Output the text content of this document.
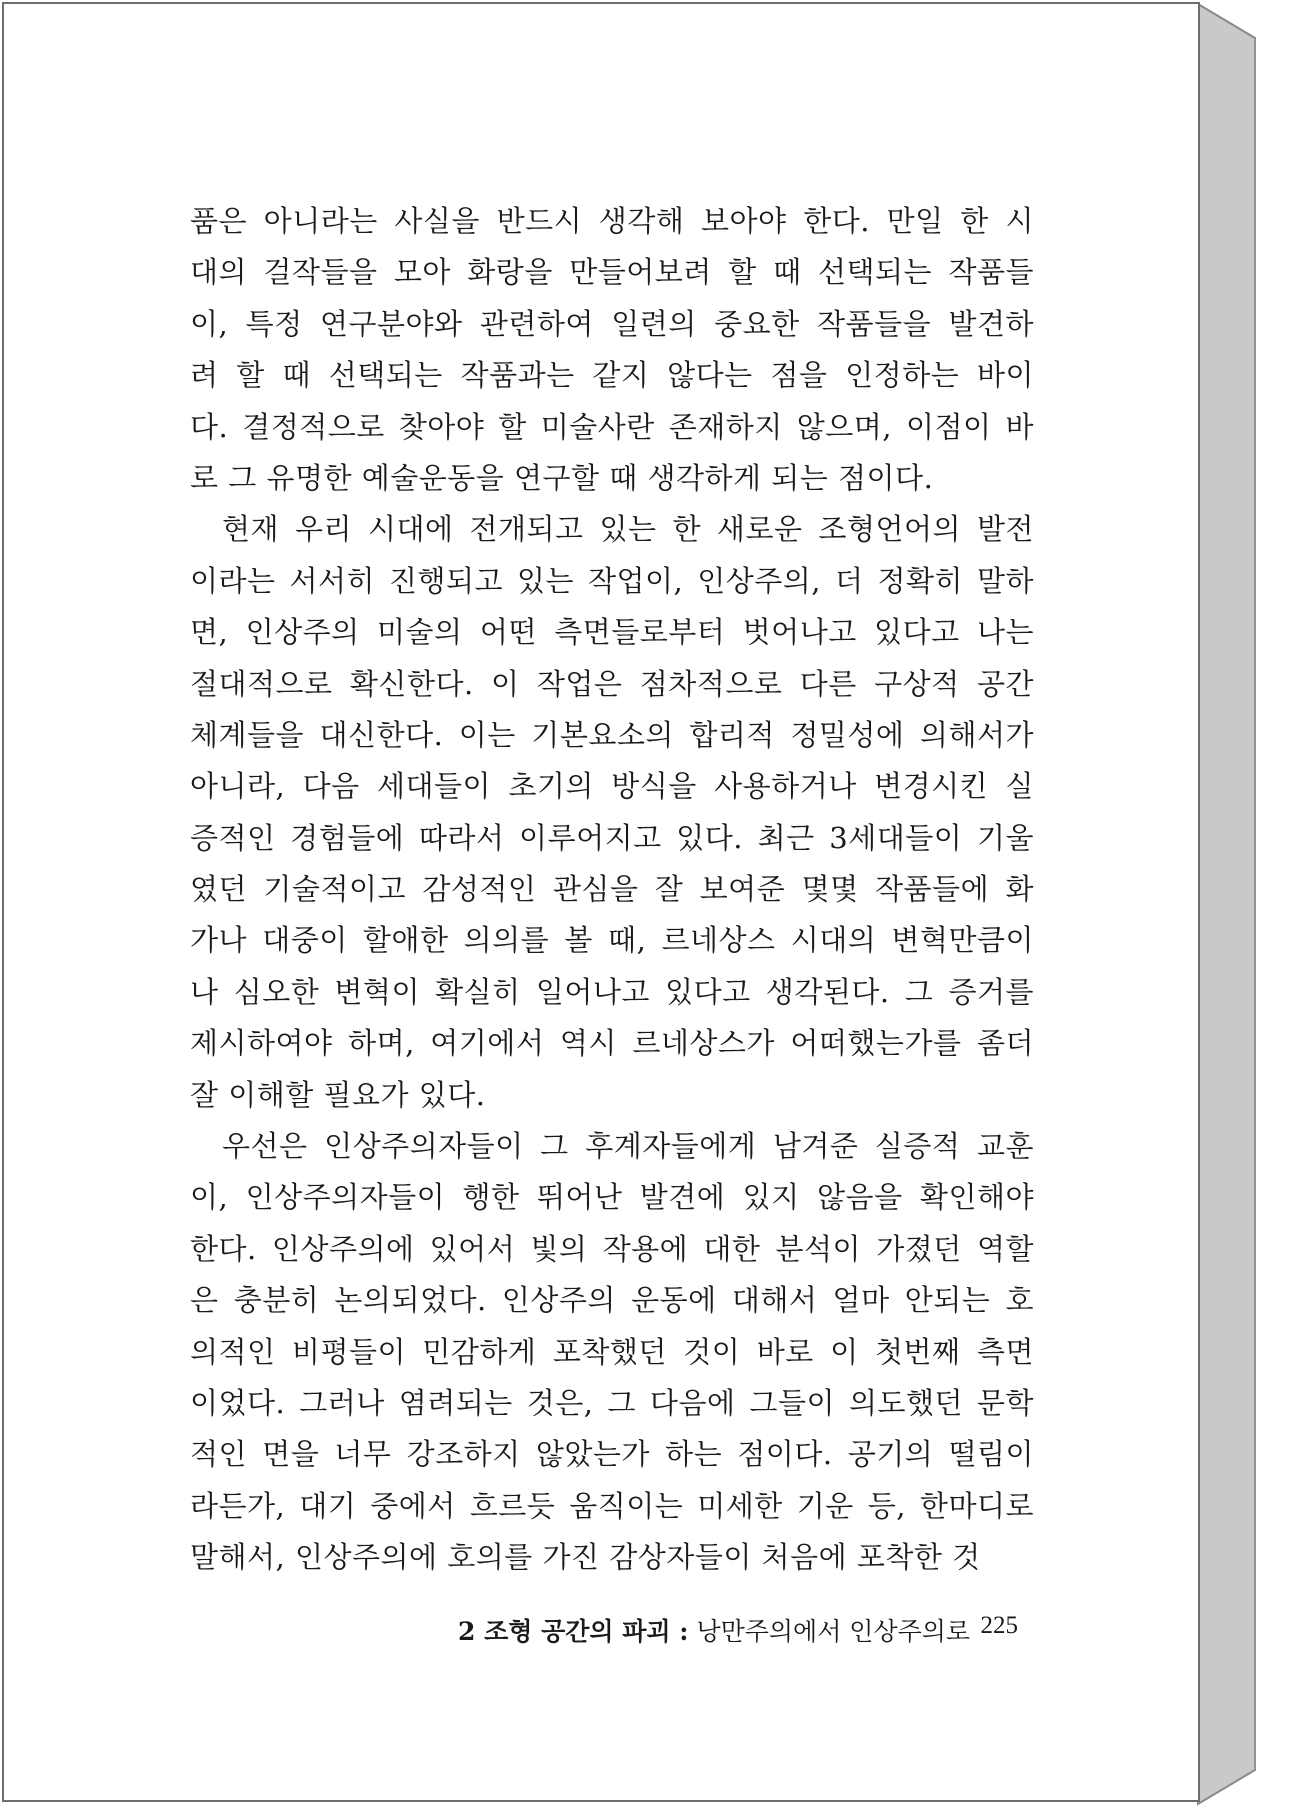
품은 아니라는 사실을 반드시 생각해 보아야 한다. 만일 한 시
대의 걸작들을 모아 화랑을 만들어보려 할 때 선택되는 작품들
이, 특정 연구분야와 관련하여 일련의 중요한 작품들을 발견하
려 할 때 선택되는 작품과는 같지 않다는 점을 인정하는 바이
다. 결정적으로 찾아야 할 미술사란 존재하지 않으며, 이점이 바
로 그 유명한 예술운동을 연구할 때 생각하게 되는 점이다.
현재 우리 시대에 전개되고 있는 한 새로운 조형언어의 발전
이라는 서서히 진행되고 있는 작업이, 인상주의, 더 정확히 말하
면, 인상주의 미술의 어떤 측면들로부터 벗어나고 있다고 나는
절대적으로 확신한다. 이 작업은 점차적으로 다른 구상적 공간
체계들을 대신한다. 이는 기본요소의 합리적 정밀성에 의해서가
아니라, 다음 세대들이 초기의 방식을 사용하거나 변경시킨 실
증적인 경험들에 따라서 이루어지고 있다. 최근 3세대들이 기울
였던 기술적이고 감성적인 관심을 잘 보여준 몇몇 작품들에 화
가나 대중이 할애한 의의를 볼 때, 르네상스 시대의 변혁만큼이
나 심오한 변혁이 확실히 일어나고 있다고 생각된다. 그 증거를
제시하여야 하며, 여기에서 역시 르네상스가 어떠했는가를 좀더
잘 이해할 필요가 있다.
우선은 인상주의자들이 그 후계자들에게 남겨준 실증적 교훈
이, 인상주의자들이 행한 뛰어난 발견에 있지 않음을 확인해야
한다. 인상주의에 있어서 빛의 작용에 대한 분석이 가졌던 역할
은 충분히 논의되었다. 인상주의 운동에 대해서 얼마 안되는 호
의적인 비평들이 민감하게 포착했던 것이 바로 이 첫번째 측면
이었다. 그러나 염려되는 것은, 그 다음에 그들이 의도했던 문학
적인 면을 너무 강조하지 않았는가 하는 점이다. 공기의 떨림이
라든가, 대기 중에서 흐르듯 움직이는 미세한 기운 등, 한마디로
말해서, 인상주의에 호의를 가진 감상자들이 처음에 포착한 것
2 조형 공간의 파괴 : 낭만주의에서 인상주의로 225
